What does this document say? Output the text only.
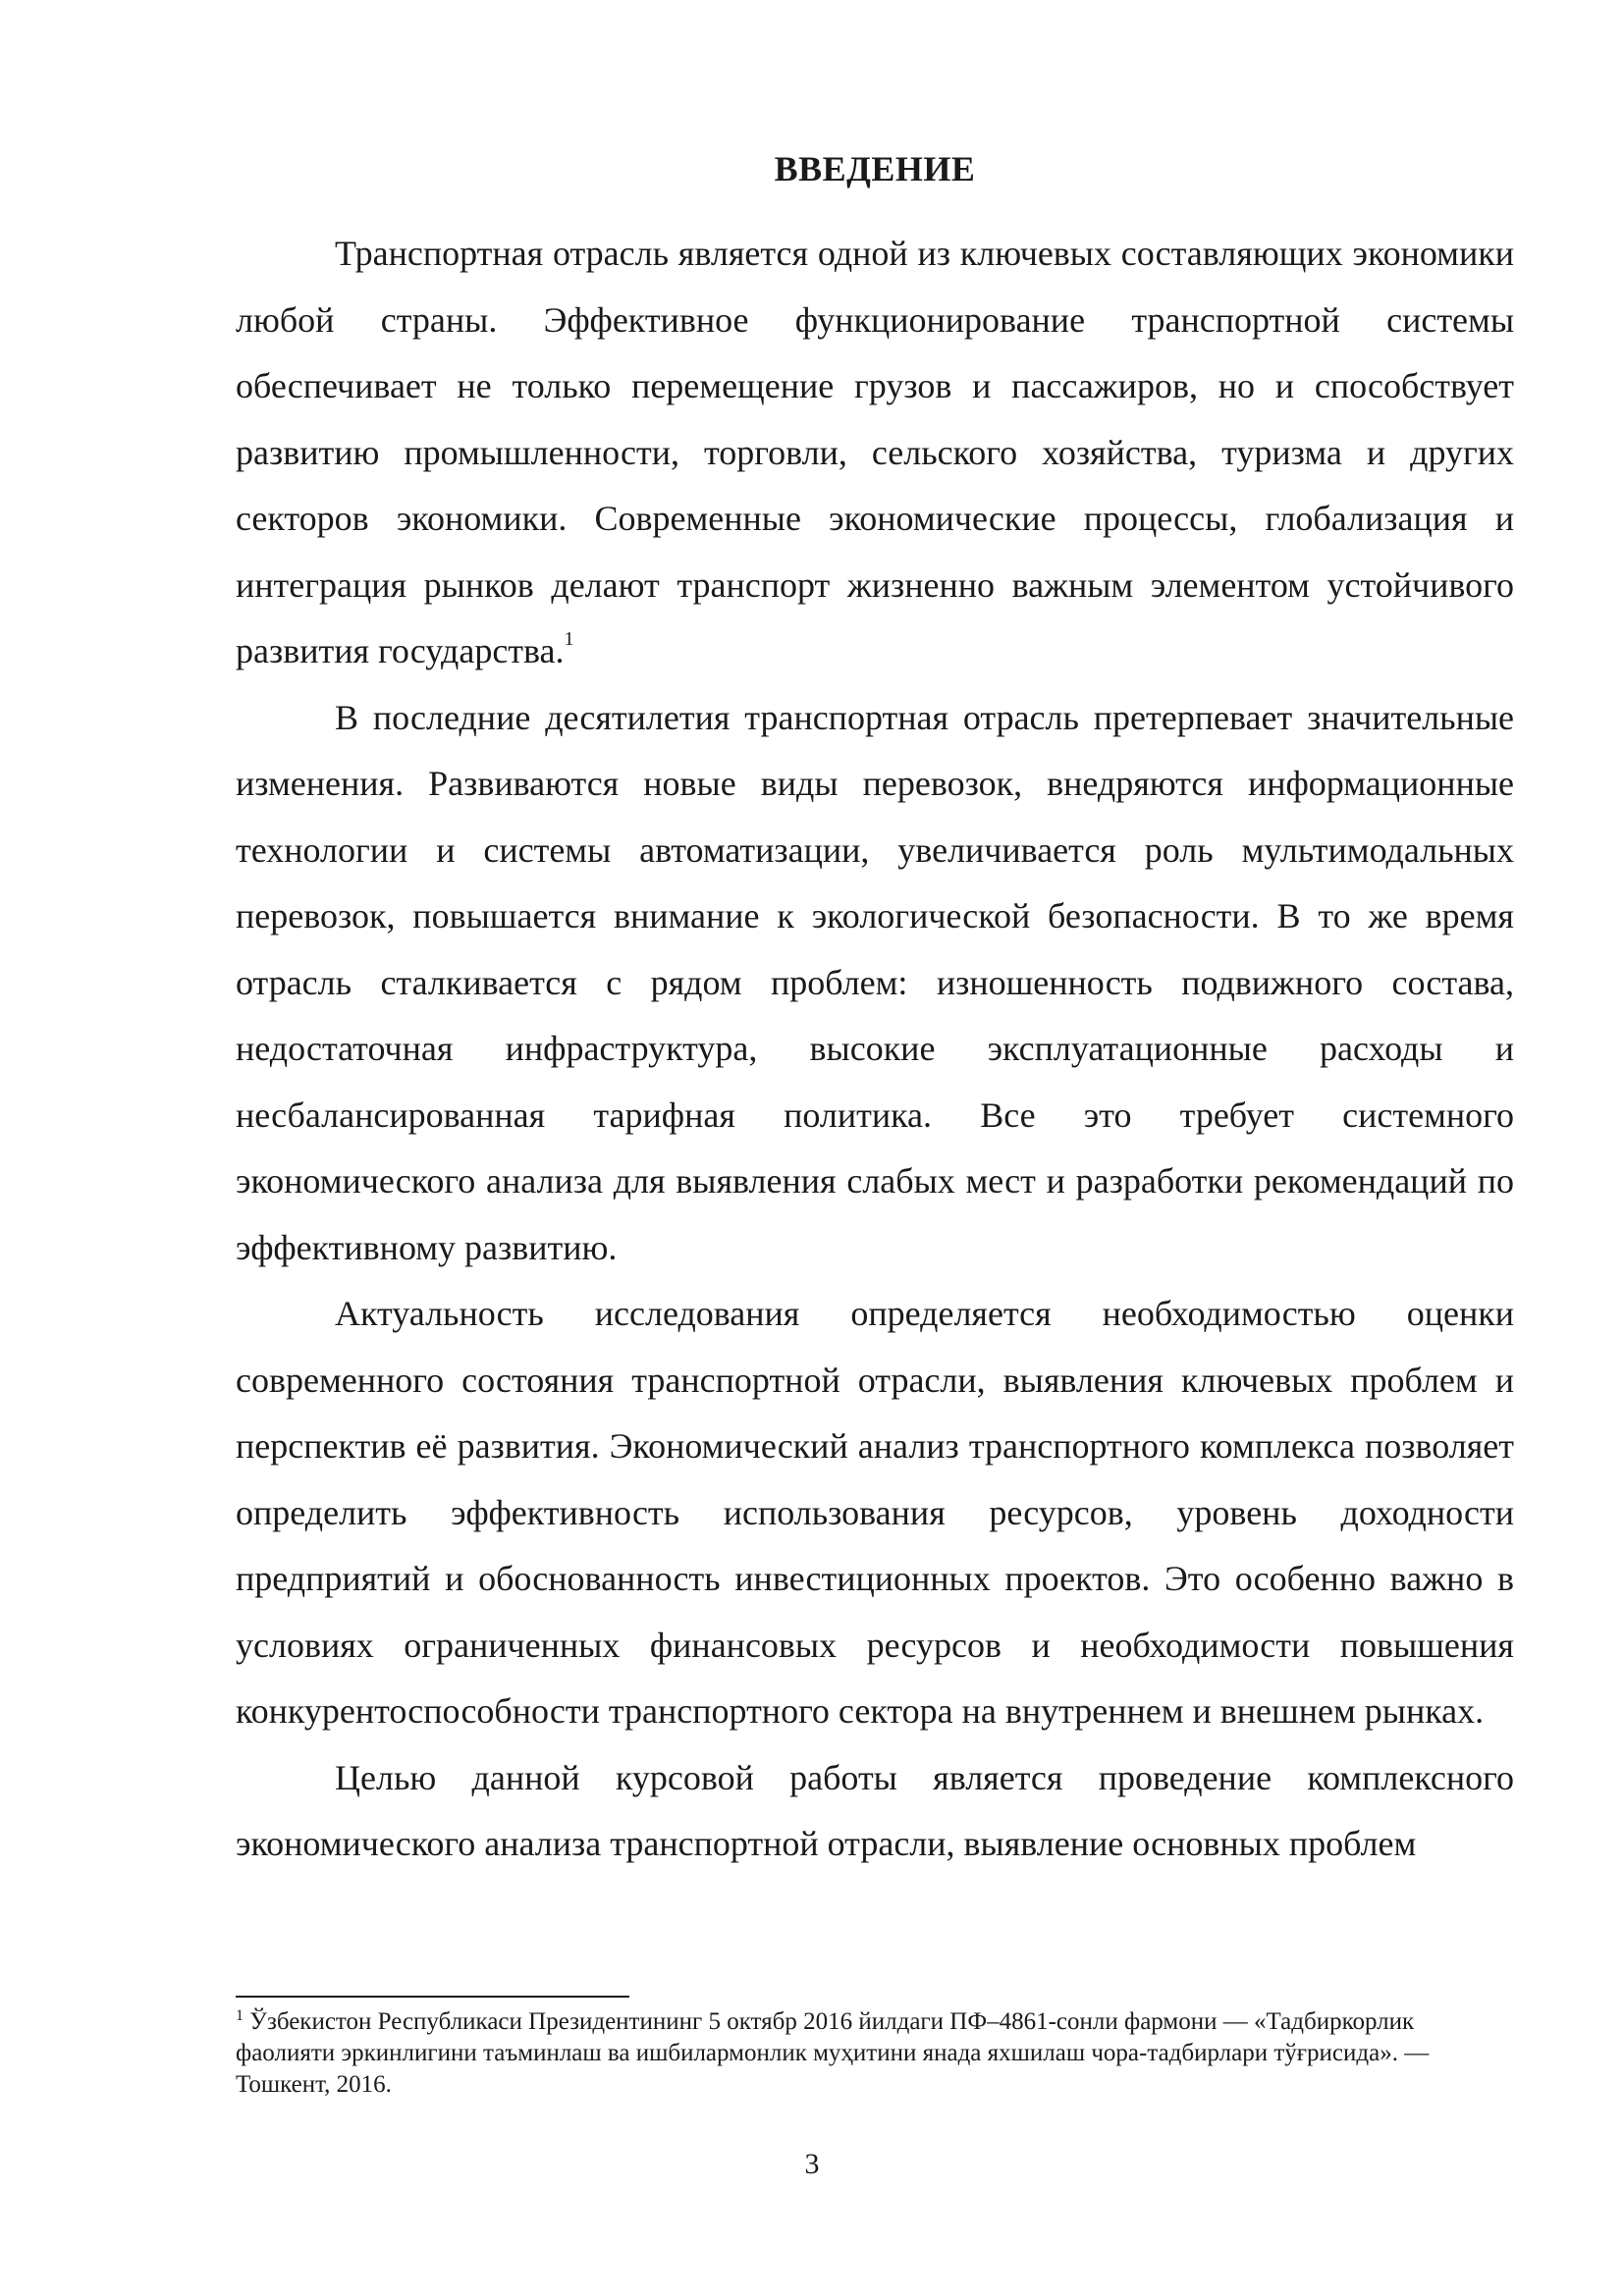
ВВЕДЕНИЕ

Транспортная отрасль является одной из ключевых составляющих экономики любой страны. Эффективное функционирование транспортной системы обеспечивает не только перемещение грузов и пассажиров, но и способствует развитию промышленности, торговли, сельского хозяйства, туризма и других секторов экономики. Современные экономические процессы, глобализация и интеграция рынков делают транспорт жизненно важным элементом устойчивого развития государства.$^1$

В последние десятилетия транспортная отрасль претерпевает значительные изменения. Развиваются новые виды перевозок, внедряются информационные технологии и системы автоматизации, увеличивается роль мультимодальных перевозок, повышается внимание к экологической безопасности. В то же время отрасль сталкивается с рядом проблем: изношенность подвижного состава, недостаточная инфраструктура, высокие эксплуатационные расходы и несбалансированная тарифная политика. Все это требует системного экономического анализа для выявления слабых мест и разработки рекомендаций по эффективному развитию.

Актуальность исследования определяется необходимостью оценки современного состояния транспортной отрасли, выявления ключевых проблем и перспектив её развития. Экономический анализ транспортного комплекса позволяет определить эффективность использования ресурсов, уровень доходности предприятий и обоснованность инвестиционных проектов. Это особенно важно в условиях ограниченных финансовых ресурсов и необходимости повышения конкурентоспособности транспортного сектора на внутреннем и внешнем рынках.

Целью данной курсовой работы является проведение комплексного экономического анализа транспортной отрасли, выявление основных проблем

$^1$ Ўзбекистон Республикаси Президентининг 5 октябр 2016 йилдаги ПФ–4861-сонли фармони — «Тадбиркорлик фаолияти эркинлигини таъминлаш ва ишбилармонлик муҳитини янада яхшилаш чора-тадбирлари тўғрисида». — Тошкент, 2016.

3
